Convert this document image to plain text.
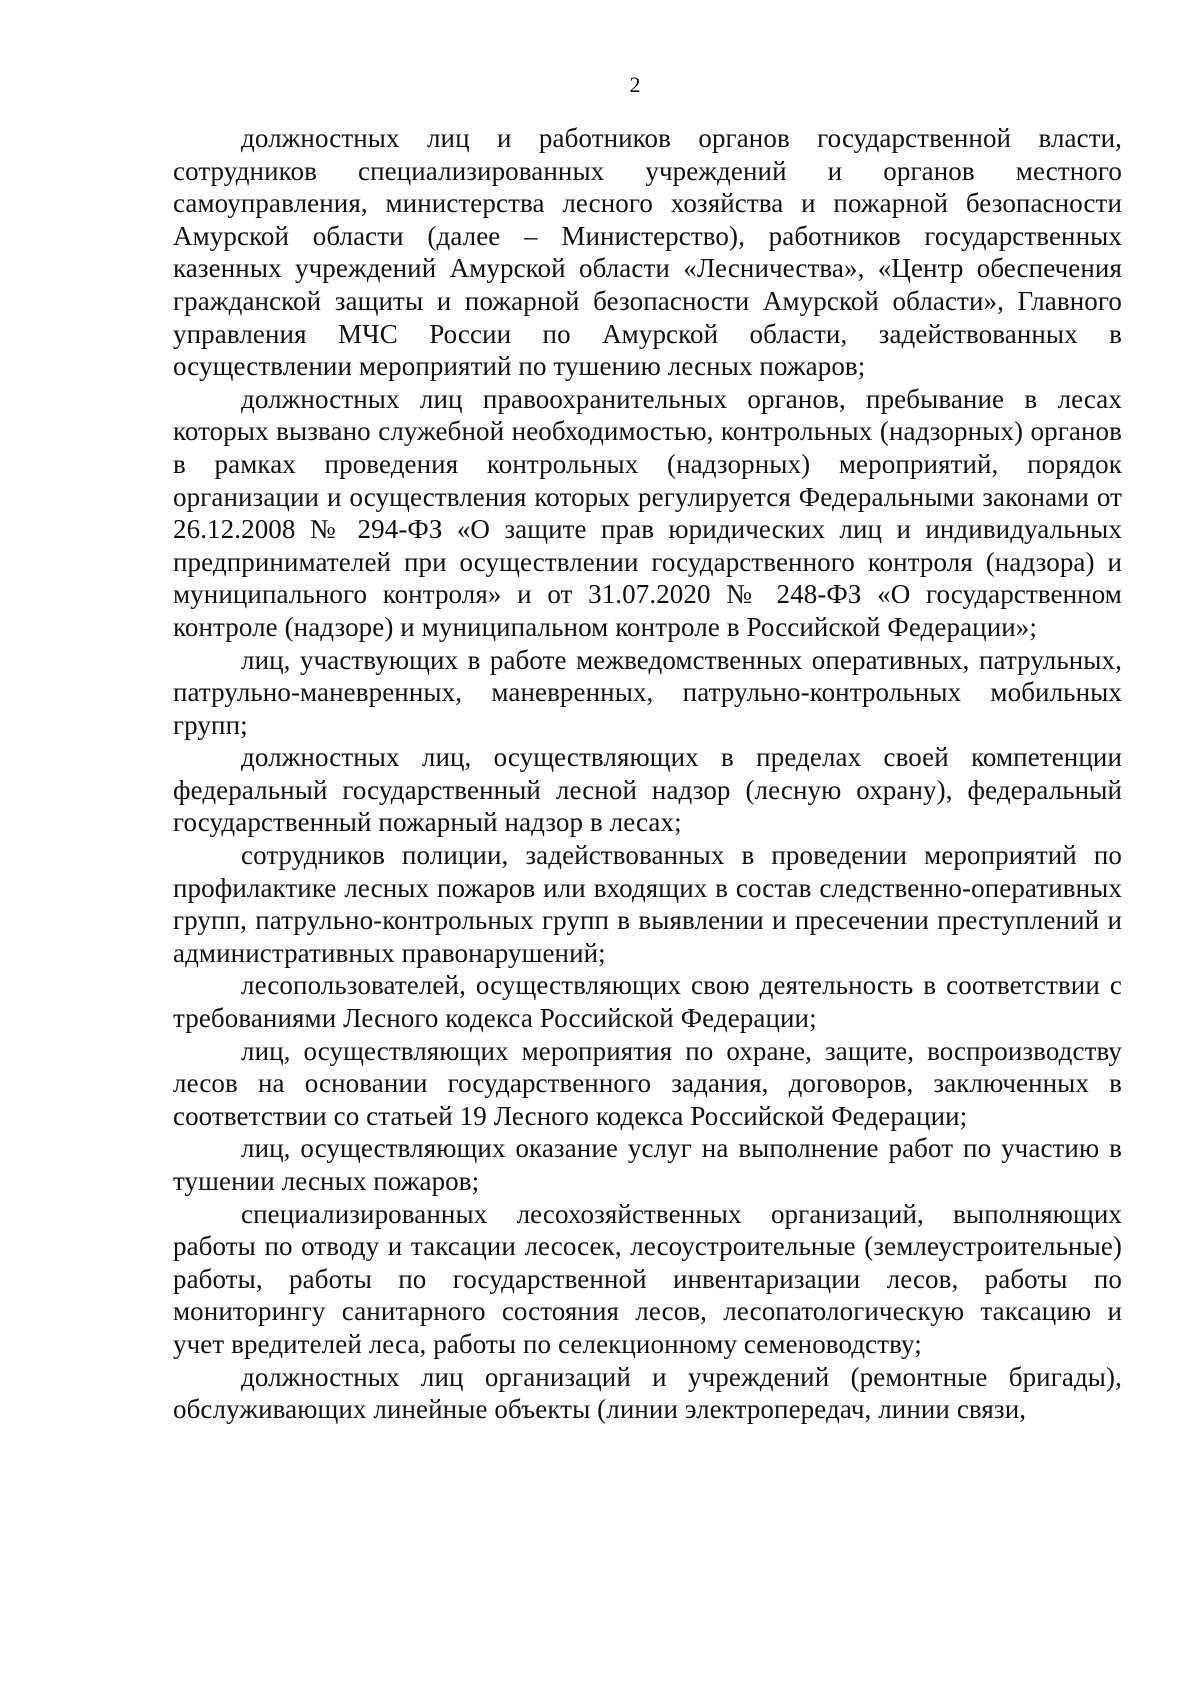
2

должностных лиц и работников органов государственной власти, сотрудников специализированных учреждений и органов местного самоуправления, министерства лесного хозяйства и пожарной безопасности Амурской области (далее – Министерство), работников государственных казенных учреждений Амурской области «Лесничества», «Центр обеспечения гражданской защиты и пожарной безопасности Амурской области», Главного управления МЧС России по Амурской области, задействованных в осуществлении мероприятий по тушению лесных пожаров;

должностных лиц правоохранительных органов, пребывание в лесах которых вызвано служебной необходимостью, контрольных (надзорных) органов в рамках проведения контрольных (надзорных) мероприятий, порядок организации и осуществления которых регулируется Федеральными законами от 26.12.2008 № 294-ФЗ «О защите прав юридических лиц и индивидуальных предпринимателей при осуществлении государственного контроля (надзора) и муниципального контроля» и от 31.07.2020 № 248-ФЗ «О государственном контроле (надзоре) и муниципальном контроле в Российской Федерации»;

лиц, участвующих в работе межведомственных оперативных, патрульных, патрульно-маневренных, маневренных, патрульно-контрольных мобильных групп;

должностных лиц, осуществляющих в пределах своей компетенции федеральный государственный лесной надзор (лесную охрану), федеральный государственный пожарный надзор в лесах;

сотрудников полиции, задействованных в проведении мероприятий по профилактике лесных пожаров или входящих в состав следственно-оперативных групп, патрульно-контрольных групп в выявлении и пресечении преступлений и административных правонарушений;

лесопользователей, осуществляющих свою деятельность в соответствии с требованиями Лесного кодекса Российской Федерации;

лиц, осуществляющих мероприятия по охране, защите, воспроизводству лесов на основании государственного задания, договоров, заключенных в соответствии со статьей 19 Лесного кодекса Российской Федерации;

лиц, осуществляющих оказание услуг на выполнение работ по участию в тушении лесных пожаров;

специализированных лесохозяйственных организаций, выполняющих работы по отводу и таксации лесосек, лесоустроительные (землеустроительные) работы, работы по государственной инвентаризации лесов, работы по мониторингу санитарного состояния лесов, лесопатологическую таксацию и учет вредителей леса, работы по селекционному семеноводству;

должностных лиц организаций и учреждений (ремонтные бригады), обслуживающих линейные объекты (линии электропередач, линии связи,
